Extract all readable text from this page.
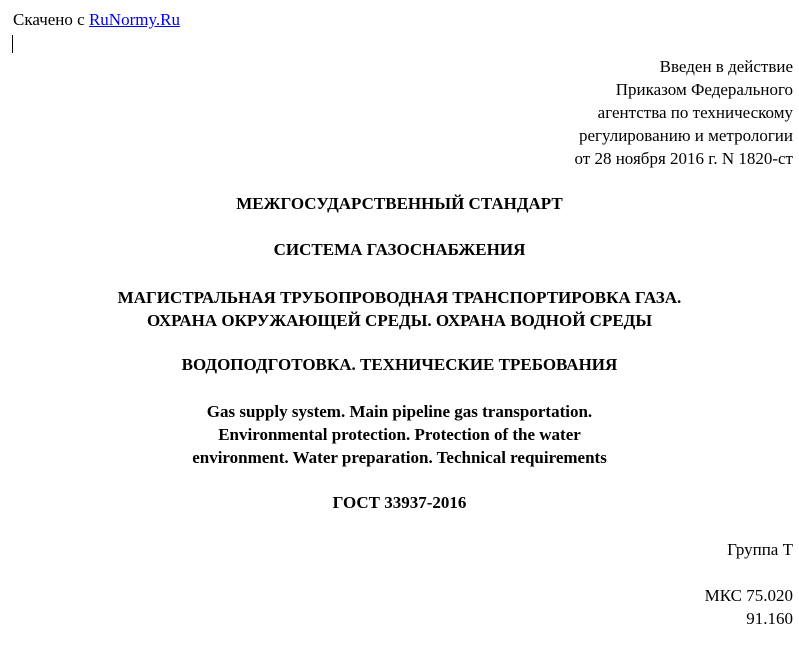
Скачено с RuNormy.Ru
Введен в действие
Приказом Федерального
агентства по техническому
регулированию и метрологии
от 28 ноября 2016 г. N 1820-ст
МЕЖГОСУДАРСТВЕННЫЙ СТАНДАРТ
СИСТЕМА ГАЗОСНАБЖЕНИЯ
МАГИСТРАЛЬНАЯ ТРУБОПРОВОДНАЯ ТРАНСПОРТИРОВКА ГАЗА.
ОХРАНА ОКРУЖАЮЩЕЙ СРЕДЫ. ОХРАНА ВОДНОЙ СРЕДЫ
ВОДОПОДГОТОВКА. ТЕХНИЧЕСКИЕ ТРЕБОВАНИЯ
Gas supply system. Main pipeline gas transportation.
Environmental protection. Protection of the water
environment. Water preparation. Technical requirements
ГОСТ 33937-2016
Группа Т
МКС 75.020
91.160
